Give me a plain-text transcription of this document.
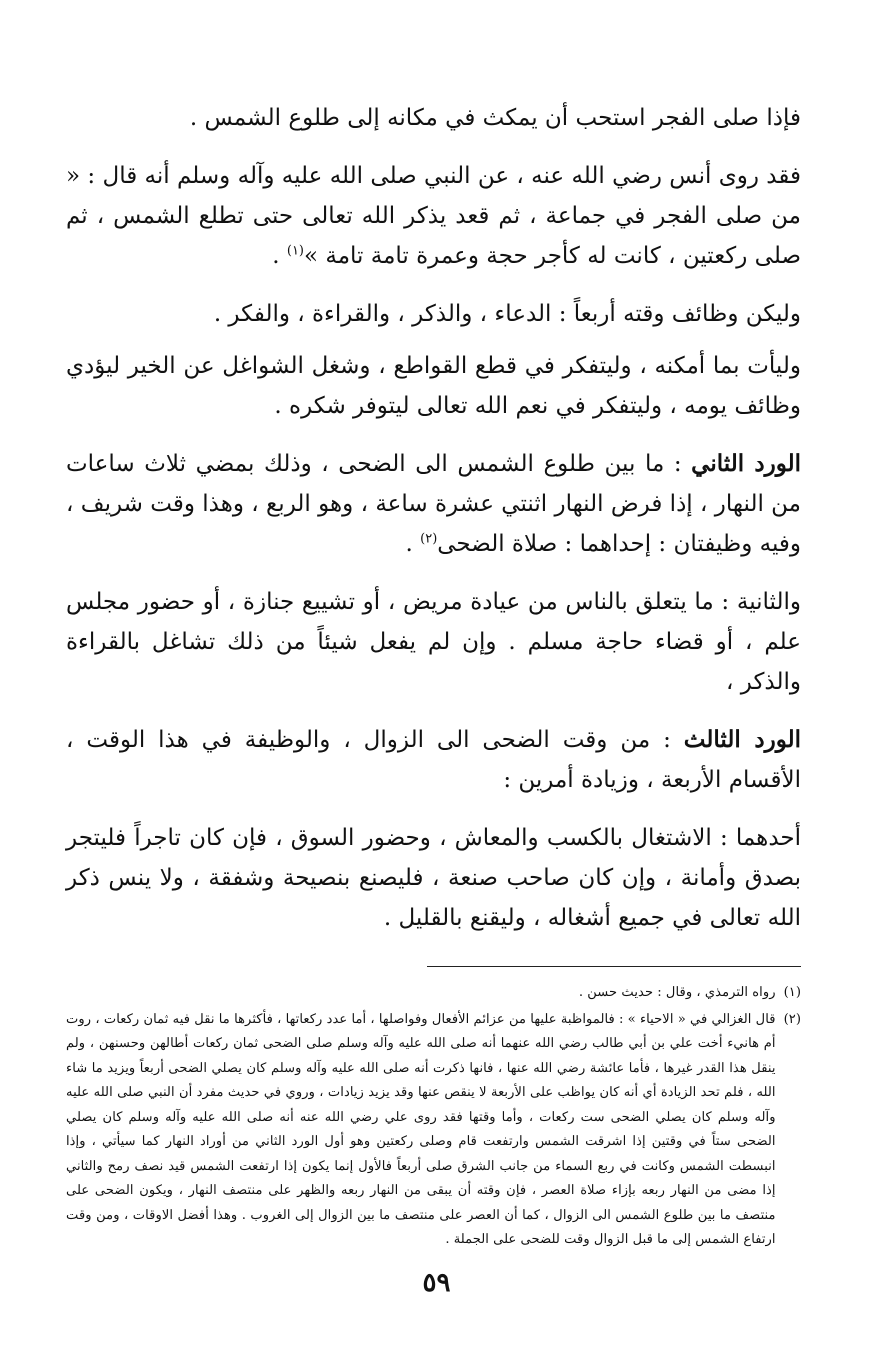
فإذا صلى الفجر استحب أن يمكث في مكانه إلى طلوع الشمس .

فقد روى أنس رضي الله عنه ، عن النبي صلى الله عليه وآله وسلم أنه قال : « من صلى الفجر في جماعة ، ثم قعد يذكر الله تعالى حتى تطلع الشمس ، ثم صلى ركعتين ، كانت له كأجر حجة وعمرة تامة تامة »$^{(١)}$ .

وليكن وظائف وقته أربعاً : الدعاء ، والذكر ، والقراءة ، والفكر .

وليأت بما أمكنه ، وليتفكر في قطع القواطع ، وشغل الشواغل عن الخير ليؤدي وظائف يومه ، وليتفكر في نعم الله تعالى ليتوفر شكره .

الورد الثاني : ما بين طلوع الشمس الى الضحى ، وذلك بمضي ثلاث ساعات من النهار ، إذا فرض النهار اثنتي عشرة ساعة ، وهو الربع ، وهذا وقت شريف ، وفيه وظيفتان : إحداهما : صلاة الضحى$^{(٢)}$ .

والثانية : ما يتعلق بالناس من عيادة مريض ، أو تشييع جنازة ، أو حضور مجلس علم ، أو قضاء حاجة مسلم . وإن لم يفعل شيئاً من ذلك تشاغل بالقراءة والذكر ،

الورد الثالث : من وقت الضحى الى الزوال ، والوظيفة في هذا الوقت ، الأقسام الأربعة ، وزيادة أمرين :

أحدهما : الاشتغال بالكسب والمعاش ، وحضور السوق ، فإن كان تاجراً فليتجر بصدق وأمانة ، وإن كان صاحب صنعة ، فليصنع بنصيحة وشفقة ، ولا ينس ذكر الله تعالى في جميع أشغاله ، وليقنع بالقليل .

(١)
رواه الترمذي ، وقال : حديث حسن .
(٢)
قال الغزالي في « الاحياء » : فالمواظبة عليها من عزائم الأفعال وفواصلها ، أما عدد ركعاتها ، فأكثرها ما نقل فيه ثمان ركعات ، روت أم هانيء أخت علي بن أبي طالب رضي الله عنهما أنه صلى الله عليه وآله وسلم صلى الضحى ثمان ركعات أطالهن وحسنهن ، ولم ينقل هذا القدر غيرها ، فأما عائشة رضي الله عنها ، فانها ذكرت أنه صلى الله عليه وآله وسلم كان يصلي الضحى أربعاً ويزيد ما شاء الله ، فلم تحد الزيادة أي أنه كان يواظب على الأربعة لا ينقص عنها وقد يزيد زيادات ، وروي في حديث مفرد أن النبي صلى الله عليه وآله وسلم كان يصلي الضحى ست ركعات ، وأما وقتها فقد روى علي رضي الله عنه أنه صلى الله عليه وآله وسلم كان يصلي الضحى ستاً في وقتين إذا اشرقت الشمس وارتفعت قام وصلى ركعتين وهو أول الورد الثاني من أوراد النهار كما سيأتي ، وإذا انبسطت الشمس وكانت في ربع السماء من جانب الشرق صلى أربعاً فالأول إنما يكون إذا ارتفعت الشمس قيد نصف رمح والثاني إذا مضى من النهار ربعه بإزاء صلاة العصر ، فإن وقته أن يبقى من النهار ربعه والظهر على منتصف النهار ، ويكون الضحى على منتصف ما بين طلوع الشمس الى الزوال ، كما أن العصر على منتصف ما بين الزوال إلى الغروب . وهذا أفضل الاوقات ، ومن وقت ارتفاع الشمس إلى ما قبل الزوال وقت للضحى على الجملة .
٥٩
